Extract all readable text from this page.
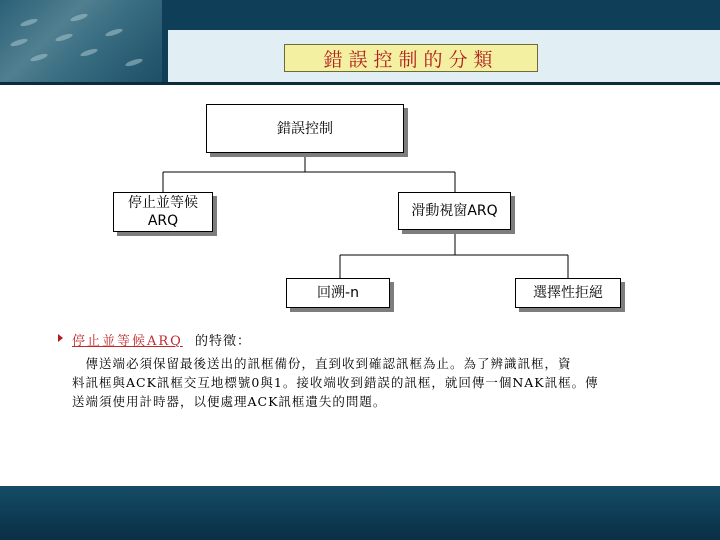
錯誤控制的分類
錯誤控制
停止並等候
ARQ
滑動視窗ARQ
回溯-n	選擇性拒絕
停止並等候ARQ 的特徵：
　傳送端必須保留最後送出的訊框備份，直到收到確認訊框為止。為了辨識訊框，資
料訊框與ACK訊框交互地標號0與1。接收端收到錯誤的訊框，就回傳一個NAK訊框。傳
送端須使用計時器，以便處理ACK訊框遺失的問題。
